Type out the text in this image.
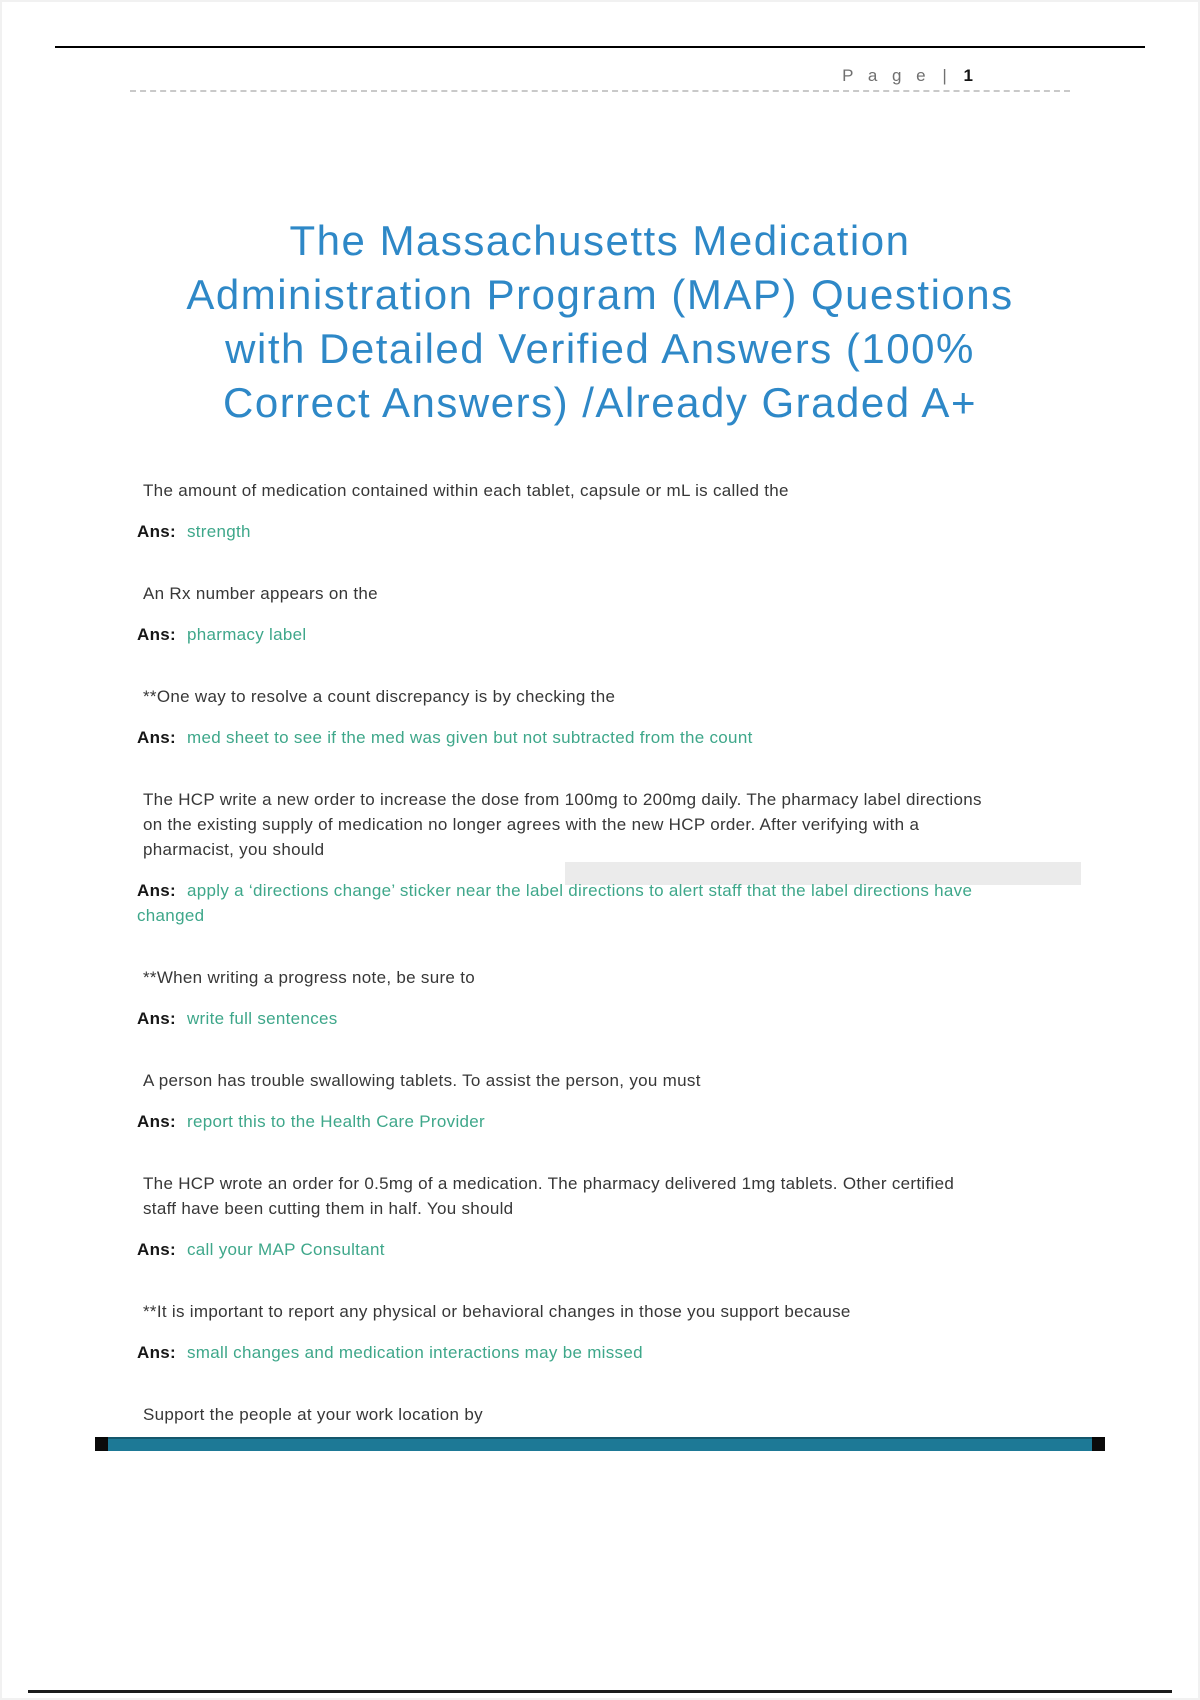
P a g e | 1
The Massachusetts Medication
Administration Program (MAP) Questions
with Detailed Verified Answers (100%
Correct Answers) /Already Graded A+

The amount of medication contained within each tablet, capsule or mL is called the

Ans: strength

An Rx number appears on the

Ans: pharmacy label

**One way to resolve a count discrepancy is by checking the

Ans: med sheet to see if the med was given but not subtracted from the count

The HCP write a new order to increase the dose from 100mg to 200mg daily. The pharmacy label directions on the existing supply of medication no longer agrees with the new HCP order. After verifying with a pharmacist, you should

Ans: apply a ‘directions change’ sticker near the label directions to alert staff that the label directions have changed

**When writing a progress note, be sure to

Ans: write full sentences

A person has trouble swallowing tablets. To assist the person, you must

Ans: report this to the Health Care Provider

The HCP wrote an order for 0.5mg of a medication. The pharmacy delivered 1mg tablets. Other certified staff have been cutting them in half. You should

Ans: call your MAP Consultant

**It is important to report any physical or behavioral changes in those you support because

Ans: small changes and medication interactions may be missed

Support the people at your work location by
